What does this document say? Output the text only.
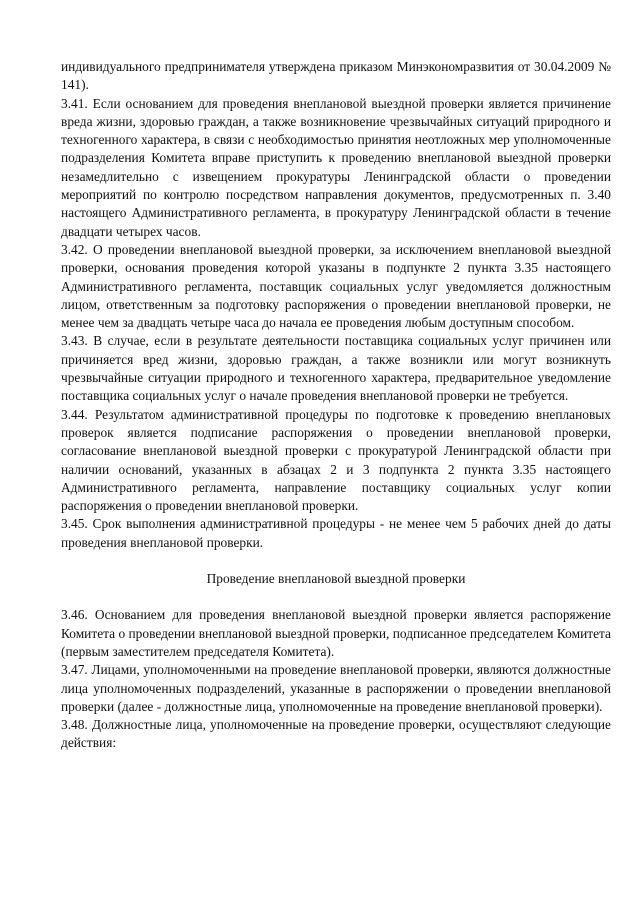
индивидуального предпринимателя утверждена приказом Минэкономразвития от 30.04.2009 № 141).

3.41. Если основанием для проведения внеплановой выездной проверки является причинение вреда жизни, здоровью граждан, а также возникновение чрезвычайных ситуаций природного и техногенного характера, в связи с необходимостью принятия неотложных мер уполномоченные подразделения Комитета вправе приступить к проведению внеплановой выездной проверки незамедлительно с извещением прокуратуры Ленинградской области о проведении мероприятий по контролю посредством направления документов, предусмотренных п. 3.40 настоящего Административного регламента, в прокуратуру Ленинградской области в течение двадцати четырех часов.

3.42. О проведении внеплановой выездной проверки, за исключением внеплановой выездной проверки, основания проведения которой указаны в подпункте 2 пункта 3.35 настоящего Административного регламента, поставщик социальных услуг уведомляется должностным лицом, ответственным за подготовку распоряжения о проведении внеплановой проверки, не менее чем за двадцать четыре часа до начала ее проведения любым доступным способом.

3.43. В случае, если в результате деятельности поставщика социальных услуг причинен или причиняется вред жизни, здоровью граждан, а также возникли или могут возникнуть чрезвычайные ситуации природного и техногенного характера, предварительное уведомление поставщика социальных услуг о начале проведения внеплановой проверки не требуется.

3.44. Результатом административной процедуры по подготовке к проведению внеплановых проверок является подписание распоряжения о проведении внеплановой проверки, согласование внеплановой выездной проверки с прокуратурой Ленинградской области при наличии оснований, указанных в абзацах 2 и 3 подпункта 2 пункта 3.35 настоящего Административного регламента, направление поставщику социальных услуг копии распоряжения о проведении внеплановой проверки.

3.45. Срок выполнения административной процедуры - не менее чем 5 рабочих дней до даты проведения внеплановой проверки.

Проведение внеплановой выездной проверки

3.46. Основанием для проведения внеплановой выездной проверки является распоряжение Комитета о проведении внеплановой выездной проверки, подписанное председателем Комитета (первым заместителем председателя Комитета).

3.47. Лицами, уполномоченными на проведение внеплановой проверки, являются должностные лица уполномоченных подразделений, указанные в распоряжении о проведении внеплановой проверки (далее - должностные лица, уполномоченные на проведение внеплановой проверки).

3.48. Должностные лица, уполномоченные на проведение проверки, осуществляют следующие действия:
